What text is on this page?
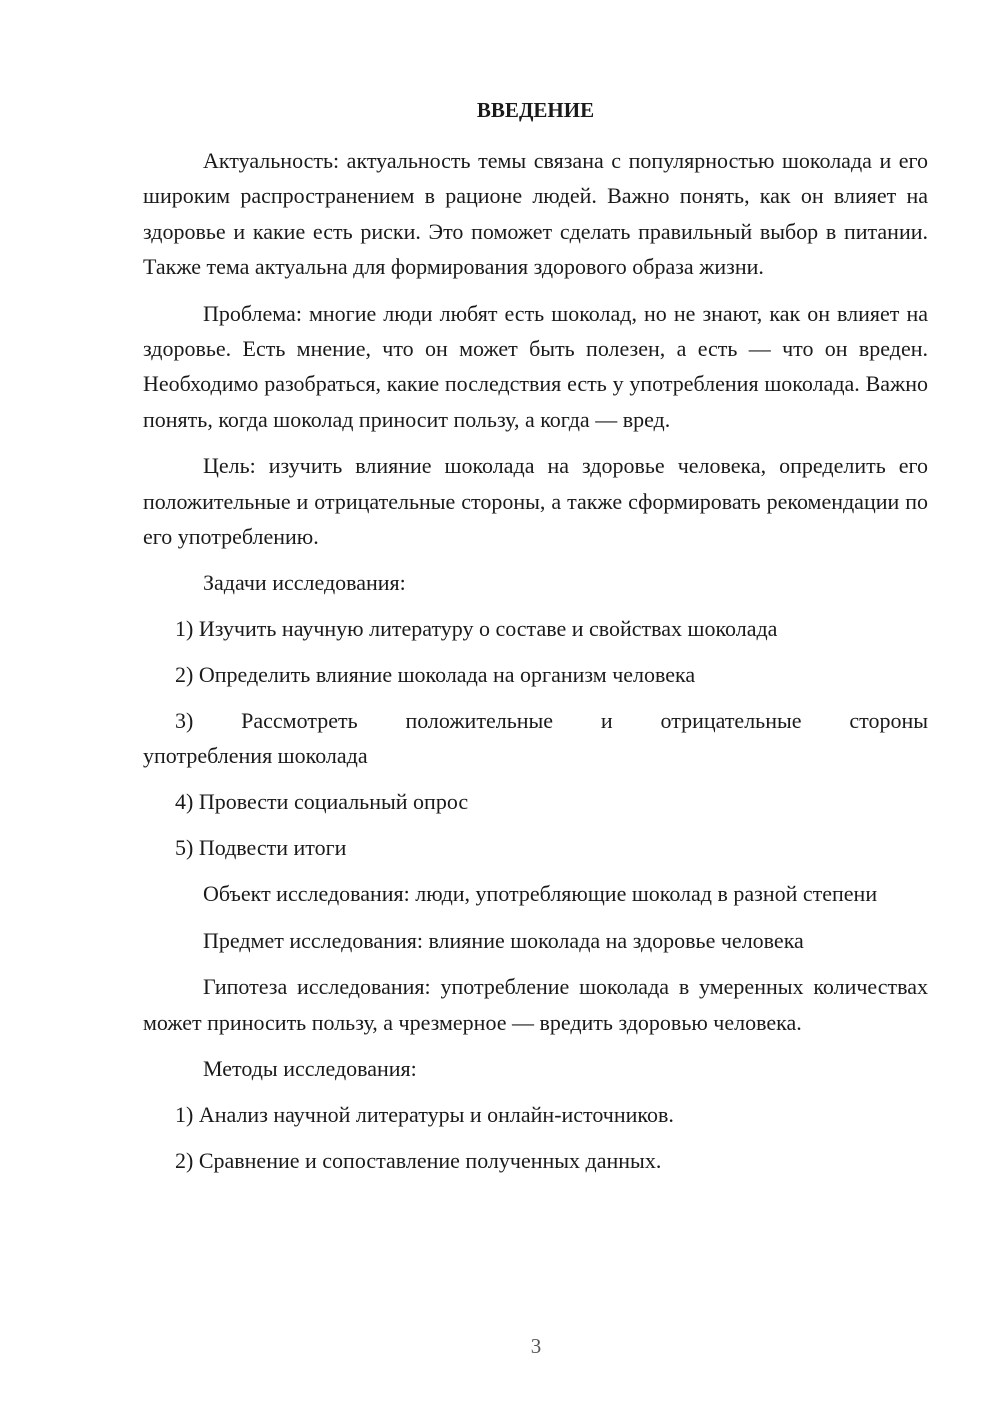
ВВЕДЕНИЕ

Актуальность: актуальность темы связана с популярностью шоколада и его широким распространением в рационе людей. Важно понять, как он влияет на здоровье и какие есть риски. Это поможет сделать правильный выбор в питании. Также тема актуальна для формирования здорового образа жизни.

Проблема: многие люди любят есть шоколад, но не знают, как он влияет на здоровье. Есть мнение, что он может быть полезен, а есть — что он вреден. Необходимо разобраться, какие последствия есть у употребления шоколада. Важно понять, когда шоколад приносит пользу, а когда — вред.

Цель: изучить влияние шоколада на здоровье человека, определить его положительные и отрицательные стороны, а также сформировать рекомендации по его употреблению.

Задачи исследования:
1) Изучить научную литературу о составе и свойствах шоколада
2) Определить влияние шоколада на организм человека
3) Рассмотреть положительные и отрицательные стороны
употребления шоколада
4) Провести социальный опрос
5) Подвести итоги

Объект исследования: люди, употребляющие шоколад в разной степени

Предмет исследования: влияние шоколада на здоровье человека

Гипотеза исследования: употребление шоколада в умеренных количествах может приносить пользу, а чрезмерное — вредить здоровью человека.

Методы исследования:
1) Анализ научной литературы и онлайн-источников.
2) Сравнение и сопоставление полученных данных.
3
